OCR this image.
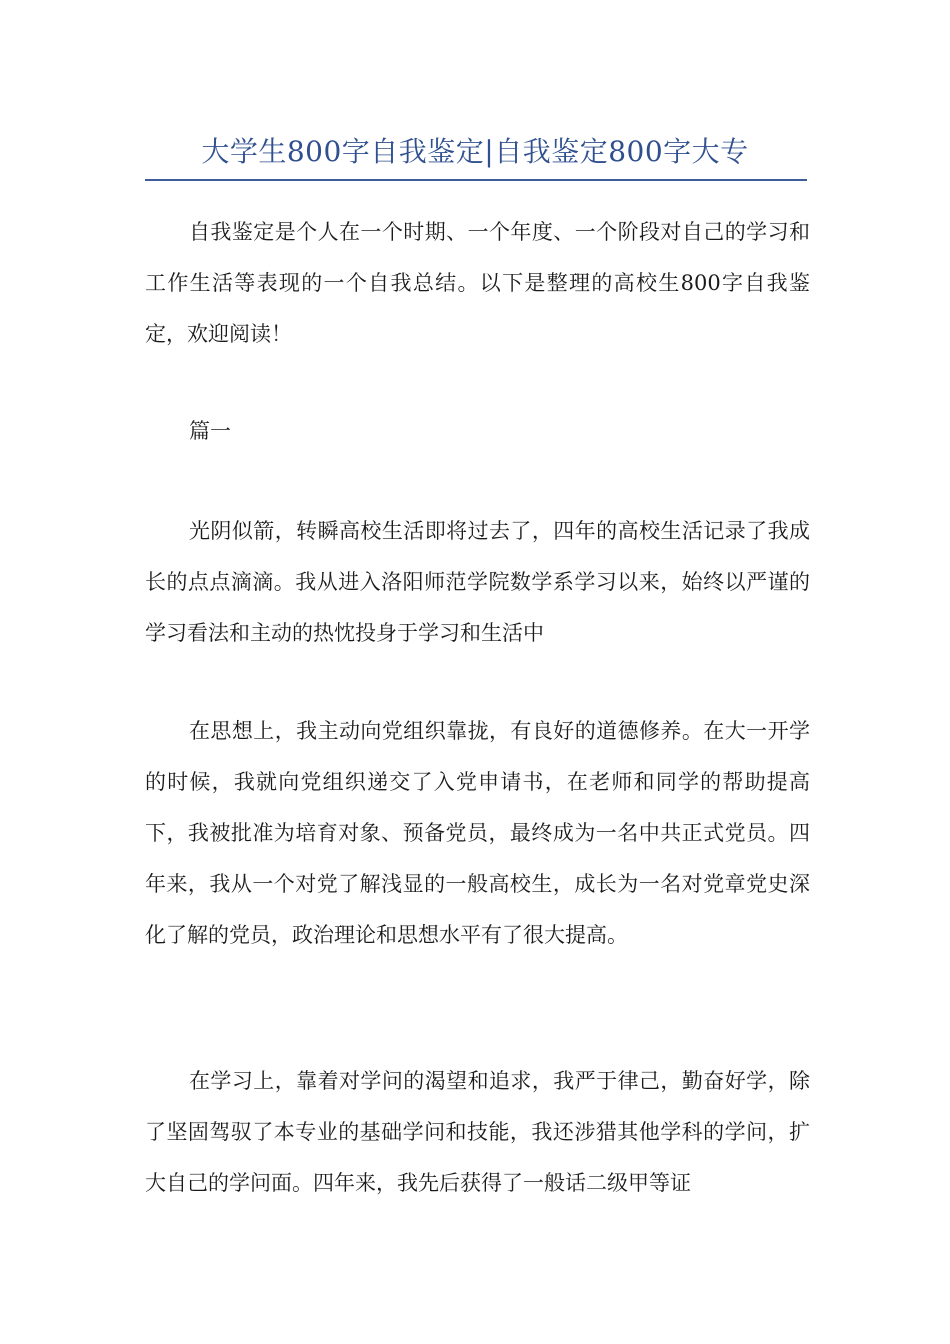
大学生800字自我鉴定|自我鉴定800字大专

自我鉴定是个人在一个时期、一个年度、一个阶段对自己的学习和工作生活等表现的一个自我总结。以下是整理的高校生800字自我鉴定，欢迎阅读！

篇一

光阴似箭，转瞬高校生活即将过去了，四年的高校生活记录了我成长的点点滴滴。我从进入洛阳师范学院数学系学习以来，始终以严谨的学习看法和主动的热忱投身于学习和生活中

在思想上，我主动向党组织靠拢，有良好的道德修养。在大一开学的时候，我就向党组织递交了入党申请书，在老师和同学的帮助提高下，我被批准为培育对象、预备党员，最终成为一名中共正式党员。四年来，我从一个对党了解浅显的一般高校生，成长为一名对党章党史深化了解的党员，政治理论和思想水平有了很大提高。

在学习上，靠着对学问的渴望和追求，我严于律己，勤奋好学，除了坚固驾驭了本专业的基础学问和技能，我还涉猎其他学科的学问，扩大自己的学问面。四年来，我先后获得了一般话二级甲等证
